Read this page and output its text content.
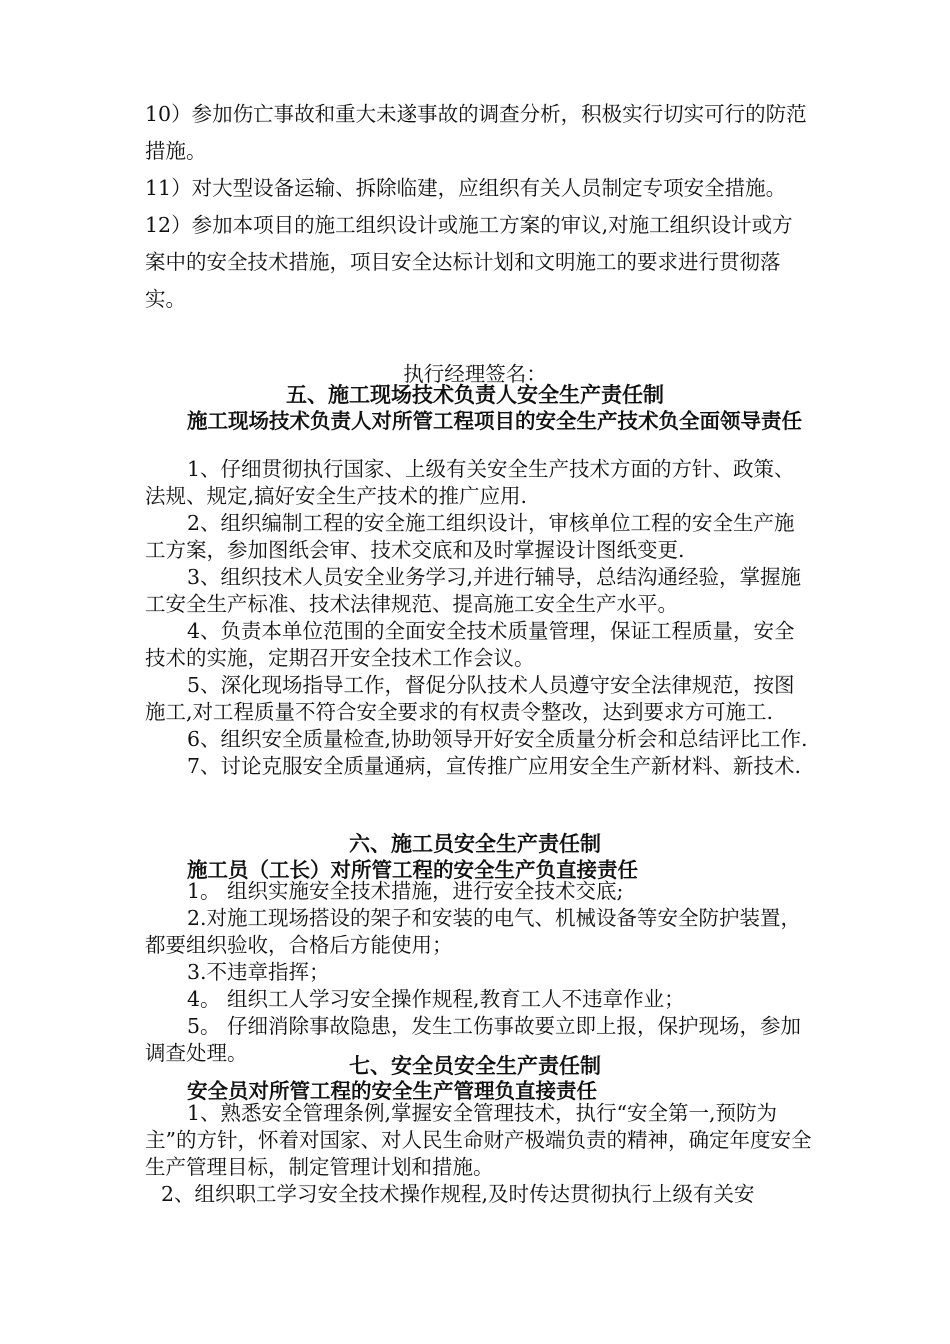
10）参加伤亡事故和重大未遂事故的调查分析，积极实行切实可行的防范措施。

11）对大型设备运输、拆除临建，应组织有关人员制定专项安全措施。

12）参加本项目的施工组织设计或施工方案的审议,对施工组织设计或方案中的安全技术措施，项目安全达标计划和文明施工的要求进行贯彻落实。

执行经理签名：
五、施工现场技术负责人安全生产责任制
施工现场技术负责人对所管工程项目的安全生产技术负全面领导责任

1、仔细贯彻执行国家、上级有关安全生产技术方面的方针、政策、法规、规定,搞好安全生产技术的推广应用.

2、组织编制工程的安全施工组织设计，审核单位工程的安全生产施工方案，参加图纸会审、技术交底和及时掌握设计图纸变更.

3、组织技术人员安全业务学习,并进行辅导，总结沟通经验，掌握施工安全生产标准、技术法律规范、提高施工安全生产水平。

4、负责本单位范围的全面安全技术质量管理，保证工程质量，安全技术的实施，定期召开安全技术工作会议。

5、深化现场指导工作，督促分队技术人员遵守安全法律规范，按图施工,对工程质量不符合安全要求的有权责令整改，达到要求方可施工.

6、组织安全质量检查,协助领导开好安全质量分析会和总结评比工作.

7、讨论克服安全质量通病，宣传推广应用安全生产新材料、新技术.

六、施工员安全生产责任制
施工员（工长）对所管工程的安全生产负直接责任

1。 组织实施安全技术措施，进行安全技术交底;

2.对施工现场搭设的架子和安装的电气、机械设备等安全防护装置，都要组织验收，合格后方能使用；

3.不违章指挥；

4。 组织工人学习安全操作规程,教育工人不违章作业；

5。 仔细消除事故隐患，发生工伤事故要立即上报，保护现场，参加调查处理。	七、安全员安全生产责任制
安全员对所管工程的安全生产管理负直接责任

1、熟悉安全管理条例,掌握安全管理技术，执行“安全第一,预防为主”的方针，怀着对国家、对人民生命财产极端负责的精神，确定年度安全生产管理目标，制定管理计划和措施。

2、组织职工学习安全技术操作规程,及时传达贯彻执行上级有关安
